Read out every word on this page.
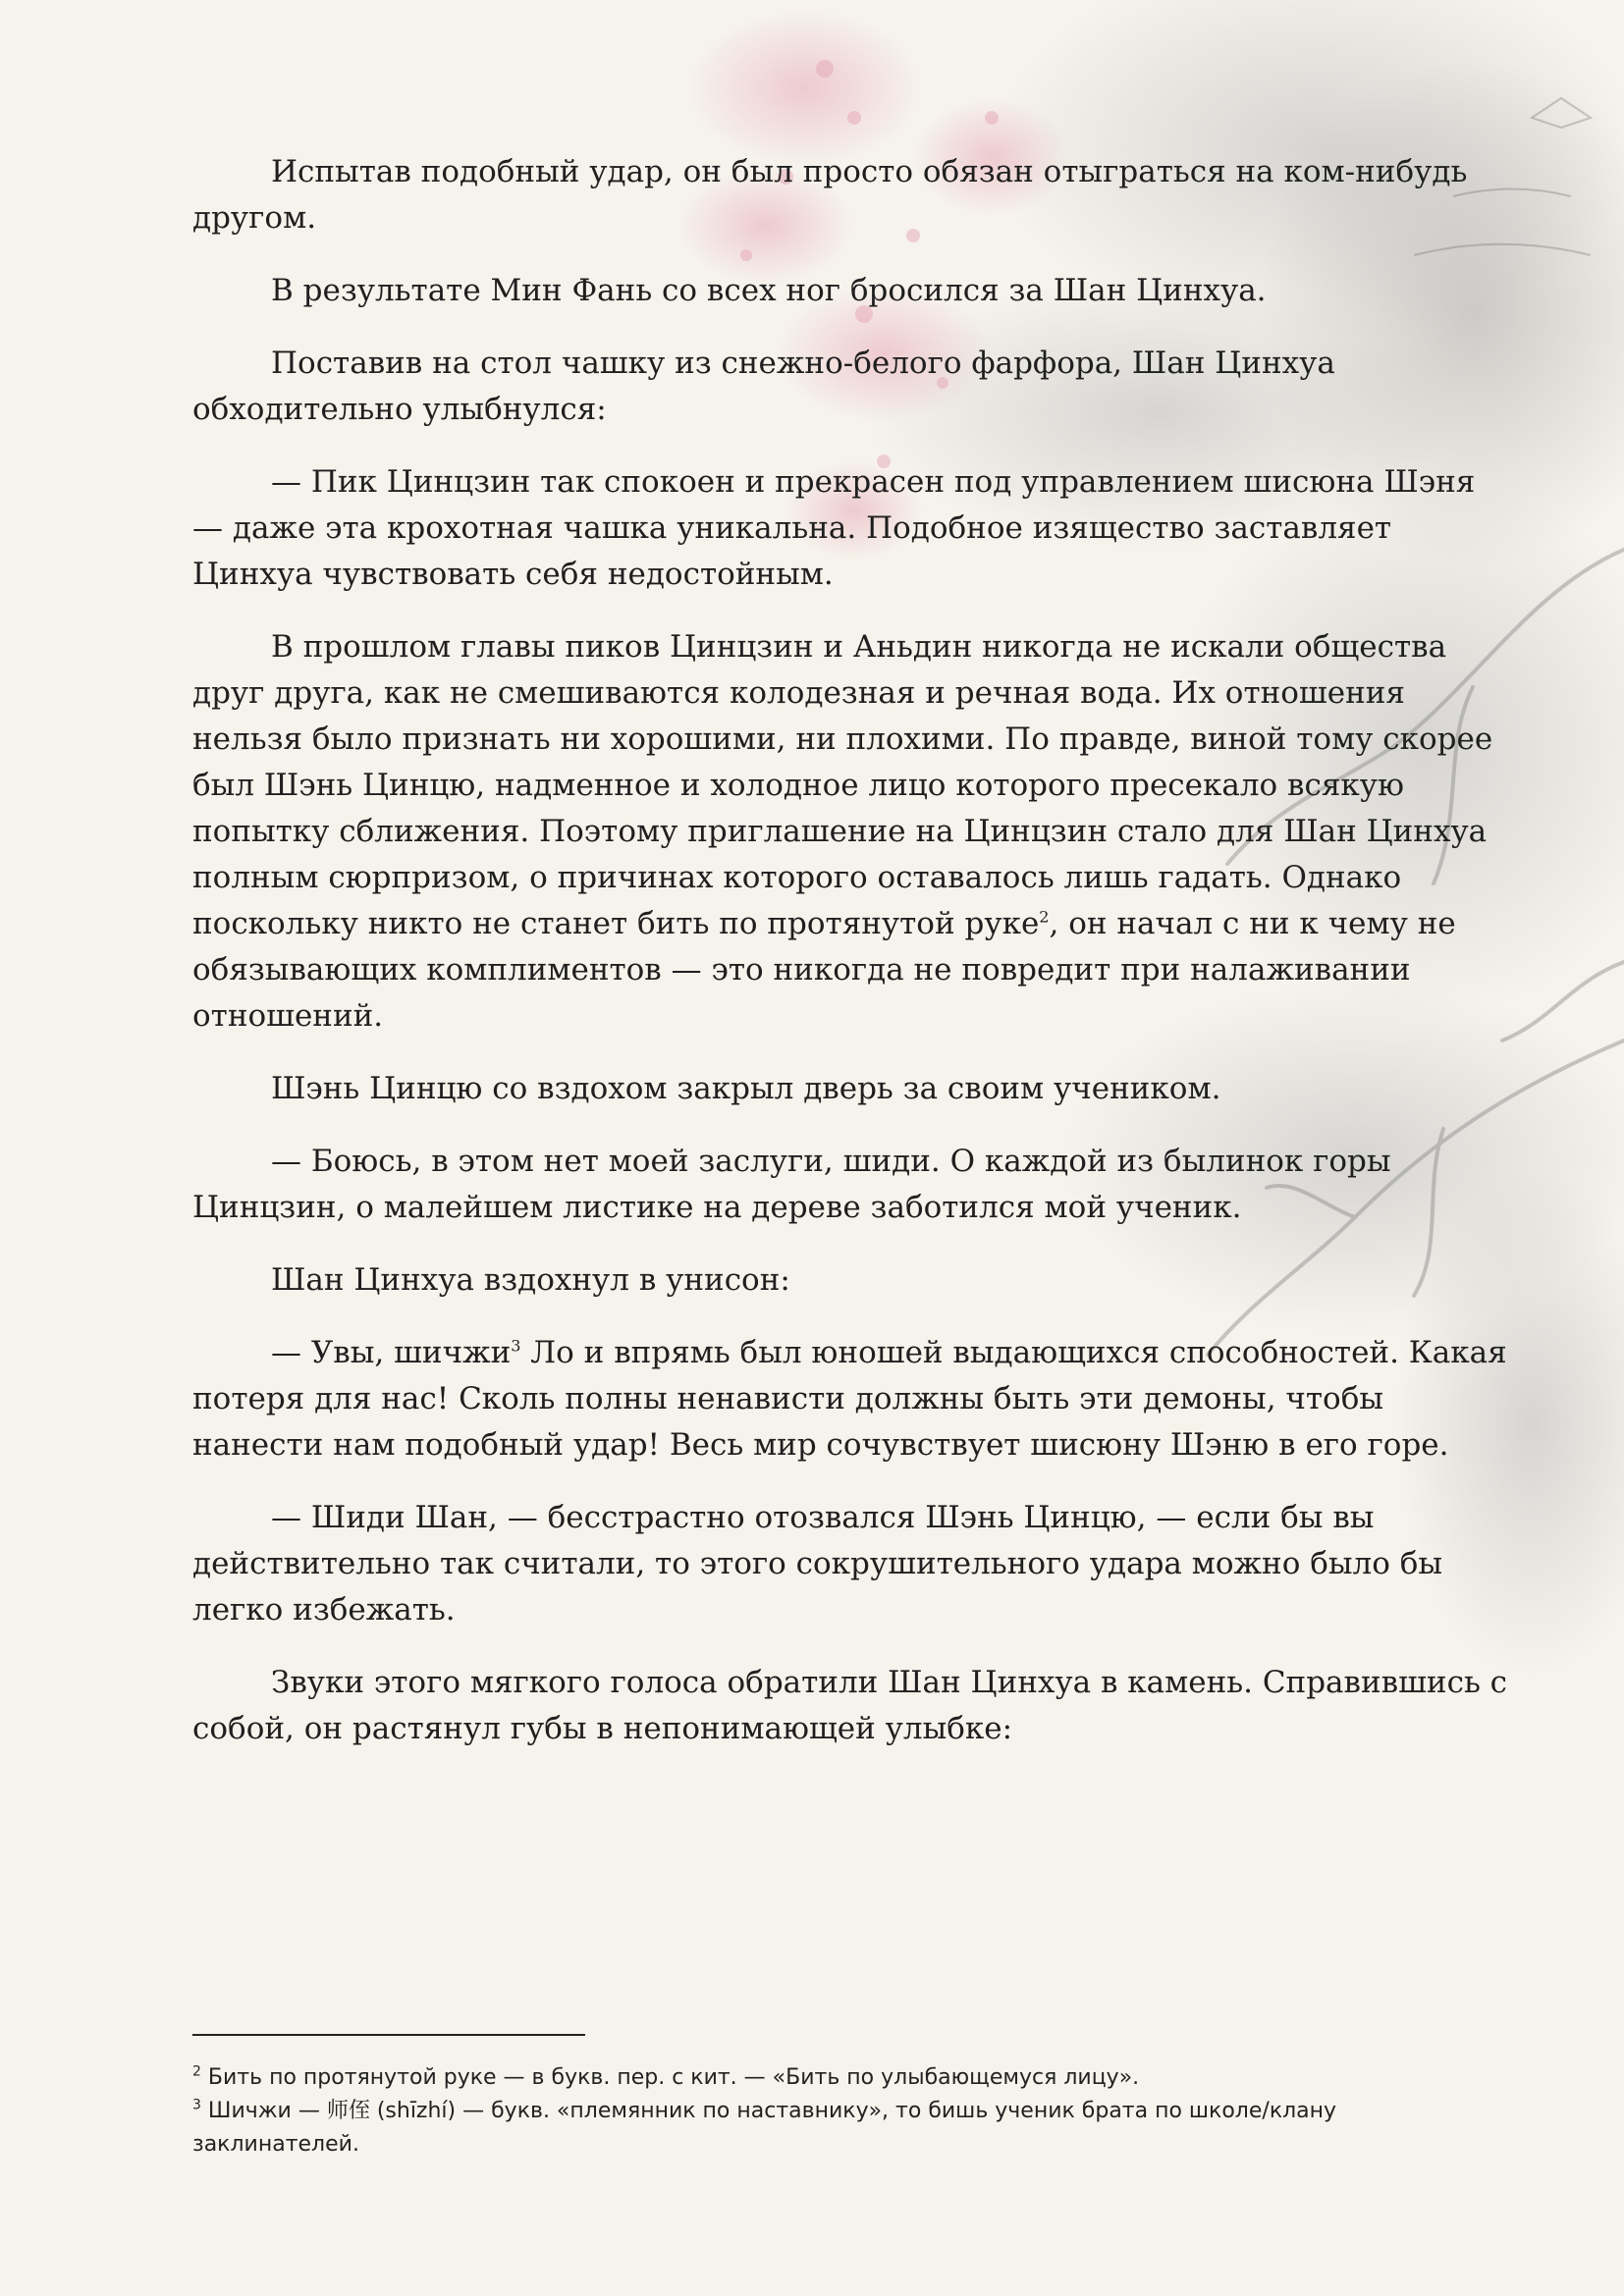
Испытав подобный удар, он был просто обязан отыграться на ком-нибудь другом.

В результате Мин Фань со всех ног бросился за Шан Цинхуа.

Поставив на стол чашку из снежно-белого фарфора, Шан Цинхуа обходительно улыбнулся:

— Пик Цинцзин так спокоен и прекрасен под управлением шисюна Шэня — даже эта крохотная чашка уникальна. Подобное изящество заставляет Цинхуа чувствовать себя недостойным.

В прошлом главы пиков Цинцзин и Аньдин никогда не искали общества друг друга, как не смешиваются колодезная и речная вода. Их отношения нельзя было признать ни хорошими, ни плохими. По правде, виной тому скорее был Шэнь Цинцю, надменное и холодное лицо которого пресекало всякую попытку сближения. Поэтому приглашение на Цинцзин стало для Шан Цинхуа полным сюрпризом, о причинах которого оставалось лишь гадать. Однако поскольку никто не станет бить по протянутой руке$^2$, он начал с ни к чему не обязывающих комплиментов — это никогда не повредит при налаживании отношений.

Шэнь Цинцю со вздохом закрыл дверь за своим учеником.

— Боюсь, в этом нет моей заслуги, шиди. О каждой из былинок горы Цинцзин, о малейшем листике на дереве заботился мой ученик.

Шан Цинхуа вздохнул в унисон:

— Увы, шичжи$^3$ Ло и впрямь был юношей выдающихся способностей. Какая потеря для нас! Сколь полны ненависти должны быть эти демоны, чтобы нанести нам подобный удар! Весь мир сочувствует шисюну Шэню в его горе.

— Шиди Шан, — бесстрастно отозвался Шэнь Цинцю, — если бы вы действительно так считали, то этого сокрушительного удара можно было бы легко избежать.

Звуки этого мягкого голоса обратили Шан Цинхуа в камень. Справившись с собой, он растянул губы в непонимающей улыбке:

$^2$ Бить по протянутой руке — в букв. пер. с кит. — «Бить по улыбающемуся лицу».

$^3$ Шичжи — 师侄 (shīzhí) — букв. «племянник по наставнику», то бишь ученик брата по школе/клану заклинателей.
